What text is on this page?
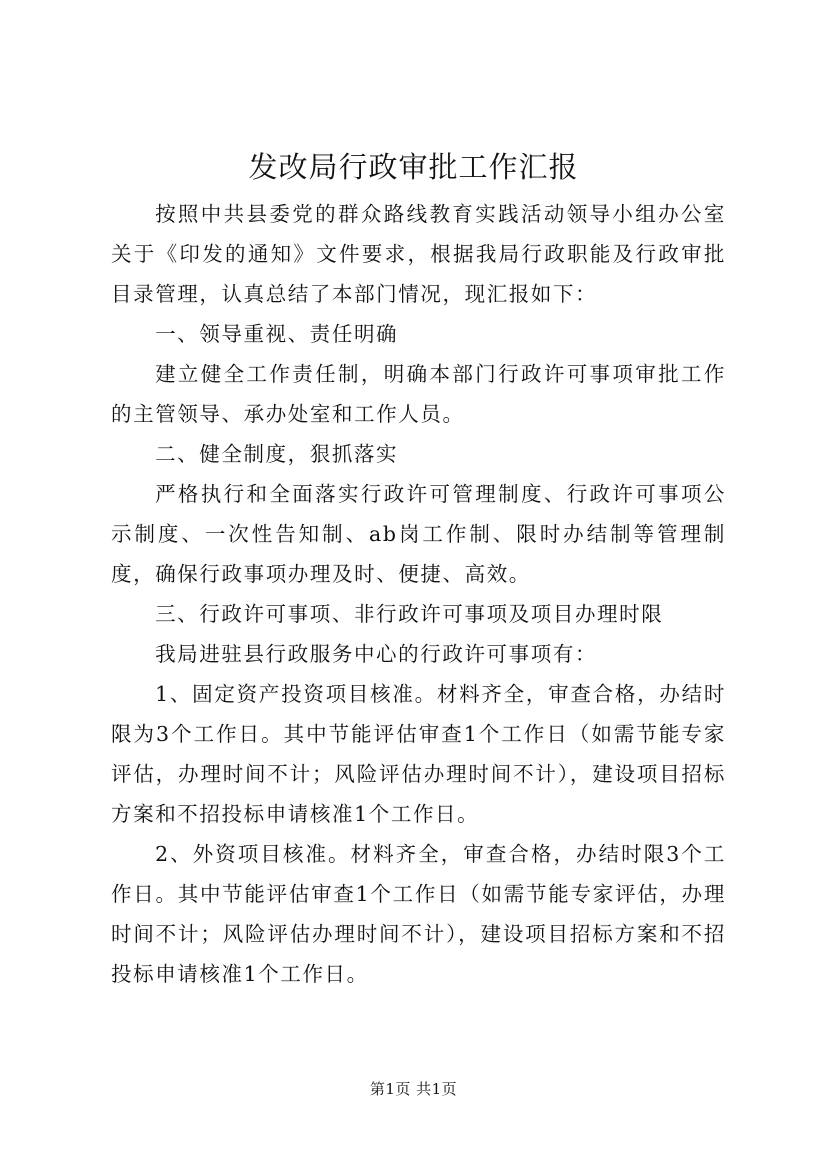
发改局行政审批工作汇报

按照中共县委党的群众路线教育实践活动领导小组办公室关于《印发的通知》文件要求，根据我局行政职能及行政审批目录管理，认真总结了本部门情况，现汇报如下：

一、领导重视、责任明确

建立健全工作责任制，明确本部门行政许可事项审批工作的主管领导、承办处室和工作人员。

二、健全制度，狠抓落实

严格执行和全面落实行政许可管理制度、行政许可事项公示制度、一次性告知制、ab岗工作制、限时办结制等管理制度，确保行政事项办理及时、便捷、高效。

三、行政许可事项、非行政许可事项及项目办理时限

我局进驻县行政服务中心的行政许可事项有：

1、固定资产投资项目核准。材料齐全，审查合格，办结时限为3个工作日。其中节能评估审查1个工作日（如需节能专家评估，办理时间不计；风险评估办理时间不计），建设项目招标方案和不招投标申请核准1个工作日。

2、外资项目核准。材料齐全，审查合格，办结时限3个工作日。其中节能评估审查1个工作日（如需节能专家评估，办理时间不计；风险评估办理时间不计），建设项目招标方案和不招投标申请核准1个工作日。

第1页 共1页
